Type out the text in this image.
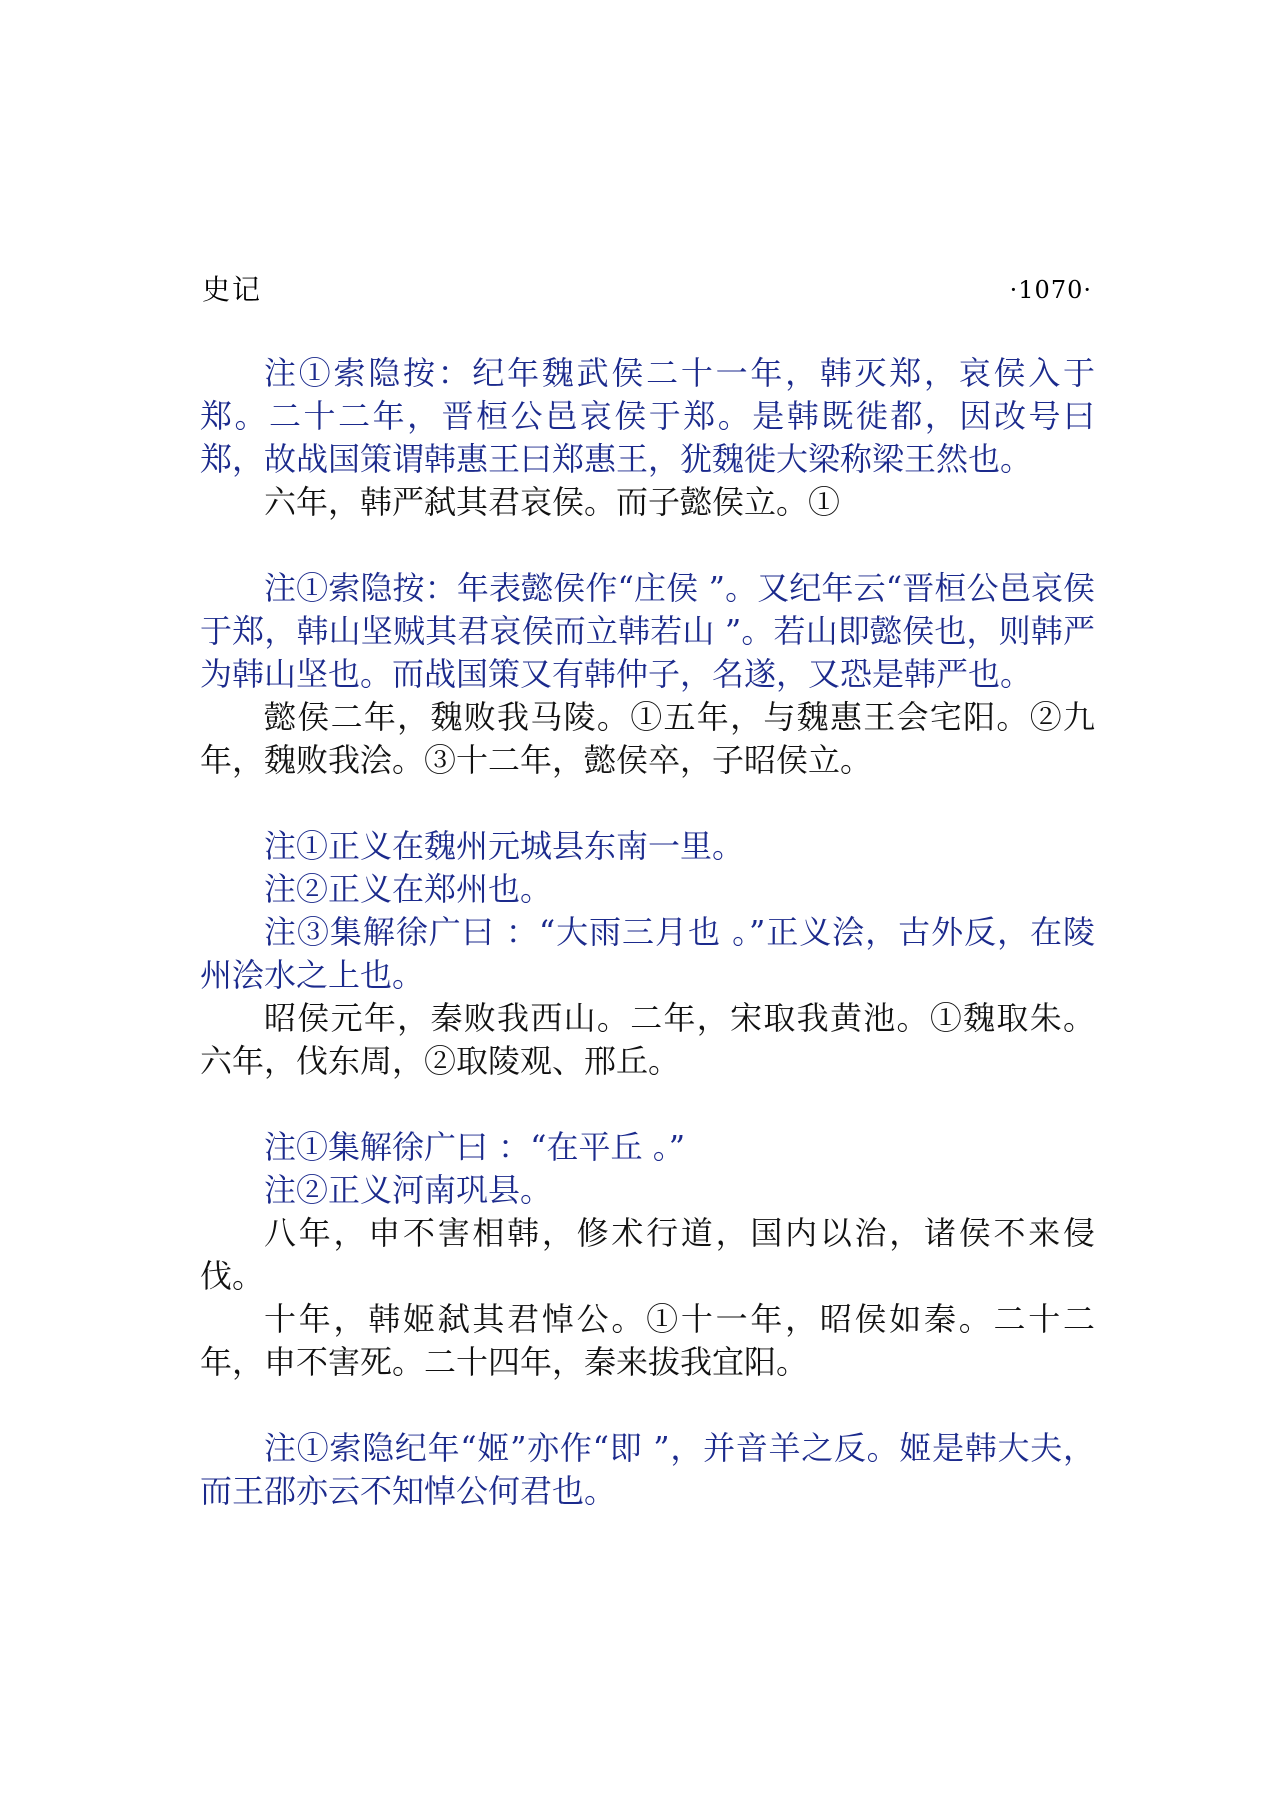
史记	·1070·

注①索隐按：纪年魏武侯二十一年，韩灭郑，哀侯入于郑。二十二年，晋桓公邑哀侯于郑。是韩既徙都，因改号曰郑，故战国策谓韩惠王曰郑惠王，犹魏徙大梁称梁王然也。

六年，韩严弑其君哀侯。而子懿侯立。①

注①索隐按：年表懿侯作“庄侯 ”。又纪年云“晋桓公邑哀侯于郑，韩山坚贼其君哀侯而立韩若山 ”。若山即懿侯也，则韩严为韩山坚也。而战国策又有韩仲子，名遂，又恐是韩严也。

懿侯二年，魏败我马陵。①五年，与魏惠王会宅阳。②九年，魏败我浍。③十二年，懿侯卒，子昭侯立。

注①正义在魏州元城县东南一里。

注②正义在郑州也。

注③集解徐广曰 ：“大雨三月也 。”正义浍，古外反，在陵州浍水之上也。

昭侯元年，秦败我西山。二年，宋取我黄池。①魏取朱。六年，伐东周，②取陵观、邢丘。

注①集解徐广曰 ：“在平丘 。”

注②正义河南巩县。

八年，申不害相韩，修术行道，国内以治，诸侯不来侵伐。

十年，韩姬弑其君悼公。①十一年，昭侯如秦。二十二年，申不害死。二十四年，秦来拔我宜阳。

注①索隐纪年“姬”亦作“即 ”，并音羊之反。姬是韩大夫，而王邵亦云不知悼公何君也。
